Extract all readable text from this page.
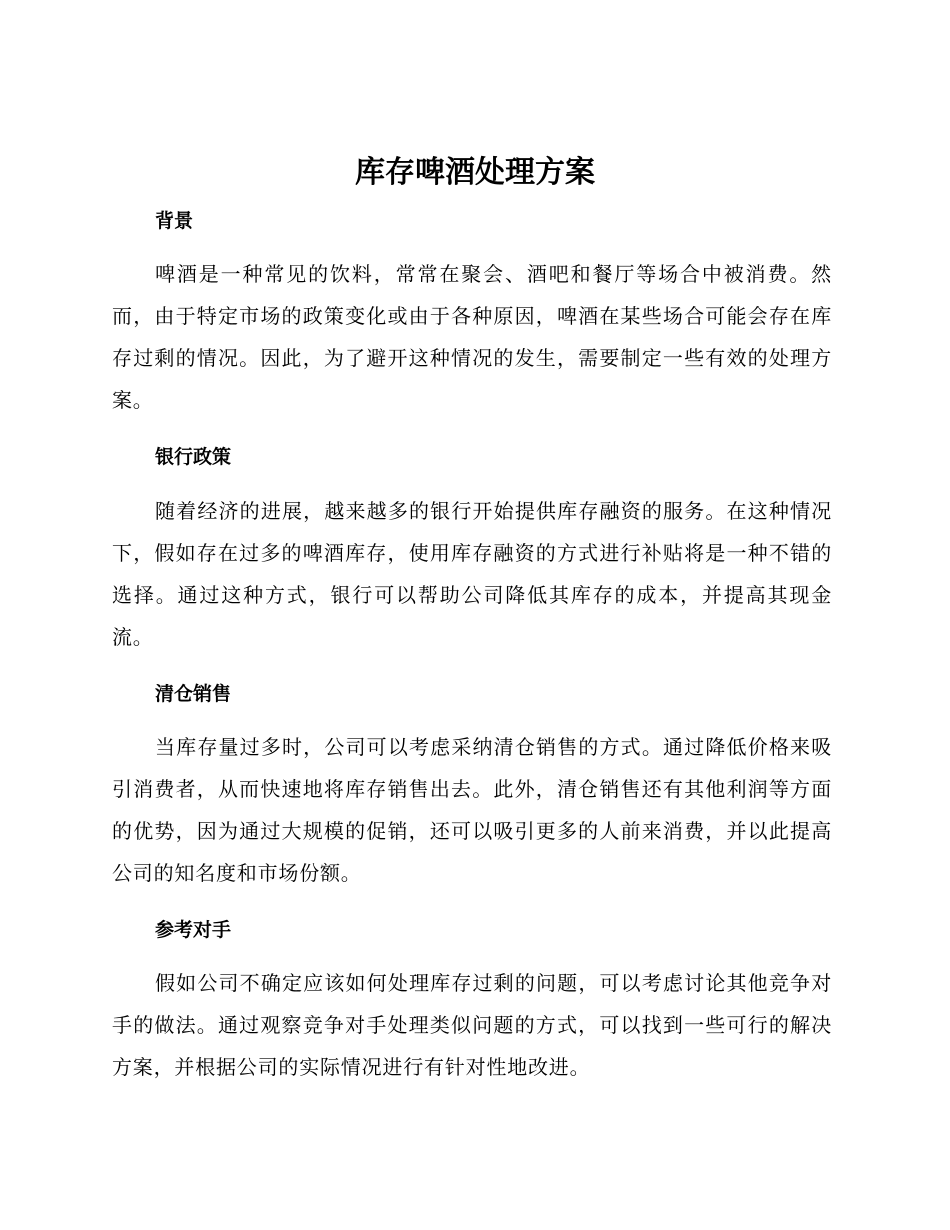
库存啤酒处理方案
背景

啤酒是一种常见的饮料，常常在聚会、酒吧和餐厅等场合中被消费。然而，由于特定市场的政策变化或由于各种原因，啤酒在某些场合可能会存在库存过剩的情况。因此，为了避开这种情况的发生，需要制定一些有效的处理方案。

银行政策

随着经济的进展，越来越多的银行开始提供库存融资的服务。在这种情况下，假如存在过多的啤酒库存，使用库存融资的方式进行补贴将是一种不错的选择。通过这种方式，银行可以帮助公司降低其库存的成本，并提高其现金流。

清仓销售

当库存量过多时，公司可以考虑采纳清仓销售的方式。通过降低价格来吸引消费者，从而快速地将库存销售出去。此外，清仓销售还有其他利润等方面的优势，因为通过大规模的促销，还可以吸引更多的人前来消费，并以此提高公司的知名度和市场份额。

参考对手

假如公司不确定应该如何处理库存过剩的问题，可以考虑讨论其他竞争对手的做法。通过观察竞争对手处理类似问题的方式，可以找到一些可行的解决方案，并根据公司的实际情况进行有针对性地改进。
